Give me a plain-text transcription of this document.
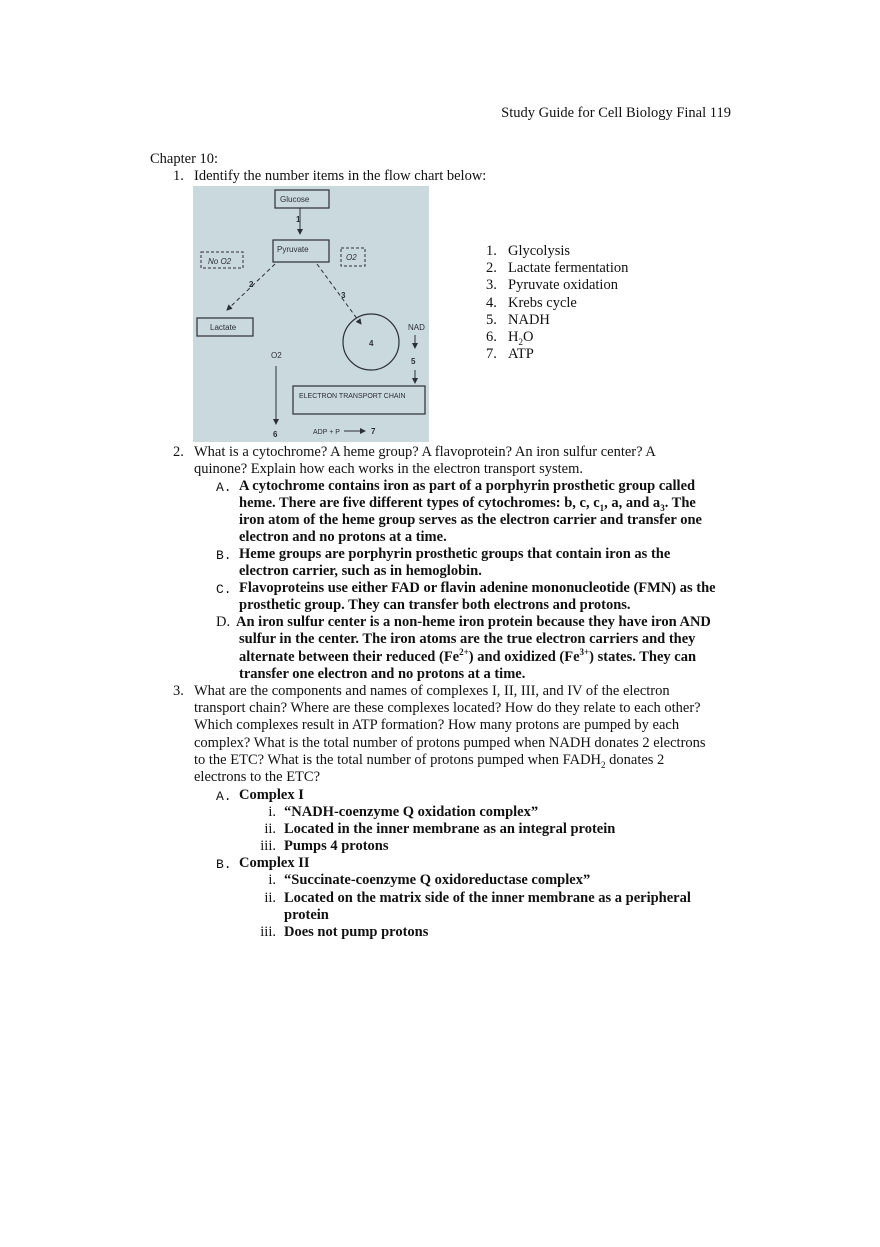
Study Guide for Cell Biology Final 119
Chapter 10:
1. Identify the number items in the flow chart below:
Glucose
1
Pyruvate
No O2	O2
2
3
Lactate
4
NAD
5
O2
6
ELECTRON TRANSPORT CHAIN
ADP + P	7
1. Glycolysis
2. Lactate fermentation
3. Pyruvate oxidation
4. Krebs cycle
5. NADH
6. $H_2O$
7. ATP
2. What is a cytochrome? A heme group? A flavoprotein? An iron sulfur center? A
quinone? Explain how each works in the electron transport system.
A. A cytochrome contains iron as part of a porphyrin prosthetic group called
heme. There are five different types of cytochromes: b, c, $c_1$, a, and $a_3$. The
iron atom of the heme group serves as the electron carrier and transfer one
electron and no protons at a time.
B. Heme groups are porphyrin prosthetic groups that contain iron as the
electron carrier, such as in hemoglobin.
C. Flavoproteins use either FAD or flavin adenine mononucleotide (FMN) as the
prosthetic group. They can transfer both electrons and protons.
D. An iron sulfur center is a non-heme iron protein because they have iron AND
sulfur in the center. The iron atoms are the true electron carriers and they
alternate between their reduced $(Fe^{2+})$ and oxidized $(Fe^{3+})$ states. They can
transfer one electron and no protons at a time.
3. What are the components and names of complexes I, II, III, and IV of the electron
transport chain? Where are these complexes located? How do they relate to each other?
Which complexes result in ATP formation? How many protons are pumped by each
complex? What is the total number of protons pumped when NADH donates 2 electrons
to the ETC? What is the total number of protons pumped when $FADH_2$ donates 2
electrons to the ETC?
A. Complex I
i. “NADH-coenzyme Q oxidation complex”
ii. Located in the inner membrane as an integral protein
iii. Pumps 4 protons
B. Complex II
i. “Succinate-coenzyme Q oxidoreductase complex”
ii. Located on the matrix side of the inner membrane as a peripheral
protein
iii. Does not pump protons
